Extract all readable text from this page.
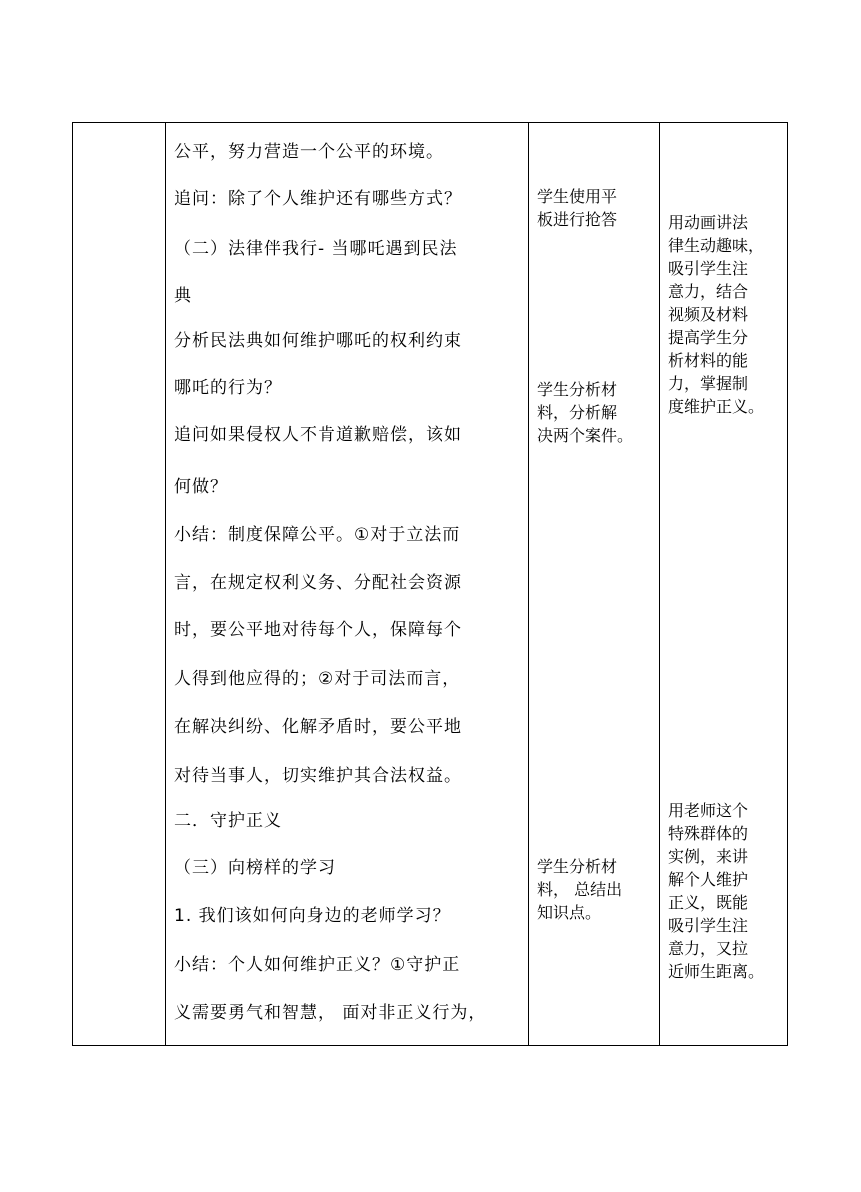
公平，努力营造一个公平的环境。
追问：除了个人维护还有哪些方式？
（二）法律伴我行- 当哪吒遇到民法
典
分析民法典如何维护哪吒的权利约束
哪吒的行为？
追问如果侵权人不肯道歉赔偿，该如
何做？
小结：制度保障公平。①对于立法而
言，在规定权利义务、分配社会资源
时，要公平地对待每个人，保障每个
人得到他应得的；②对于司法而言，
在解决纠纷、化解矛盾时，要公平地
对待当事人，切实维护其合法权益。
二．守护正义
（三）向榜样的学习
1. 我们该如何向身边的老师学习？
小结：个人如何维护正义？①守护正
义需要勇气和智慧， 面对非正义行为，
学生使用平
板进行抢答
学生分析材
料，分析解
决两个案件。
学生分析材
料， 总结出
知识点。
用动画讲法
律生动趣味，
吸引学生注
意力，结合
视频及材料
提高学生分
析材料的能
力，掌握制
度维护正义。
用老师这个
特殊群体的
实例，来讲
解个人维护
正义，既能
吸引学生注
意力，又拉
近师生距离。
